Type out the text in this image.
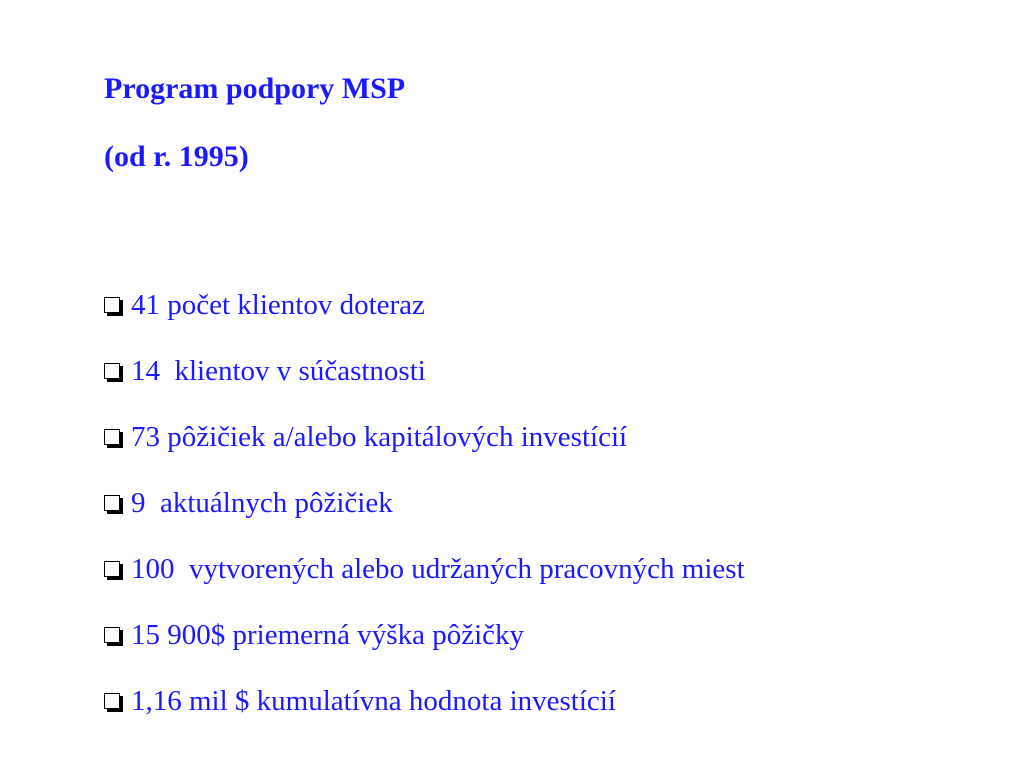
Program podpory MSP
(od r. 1995)
41 počet klientov doteraz
14  klientov v súčastnosti
73 pôžičiek a/alebo kapitálových investícií
9  aktuálnych pôžičiek
100  vytvorených alebo udržaných pracovných miest
15 900$ priemerná výška pôžičky
1,16 mil $ kumulatívna hodnota investícií
